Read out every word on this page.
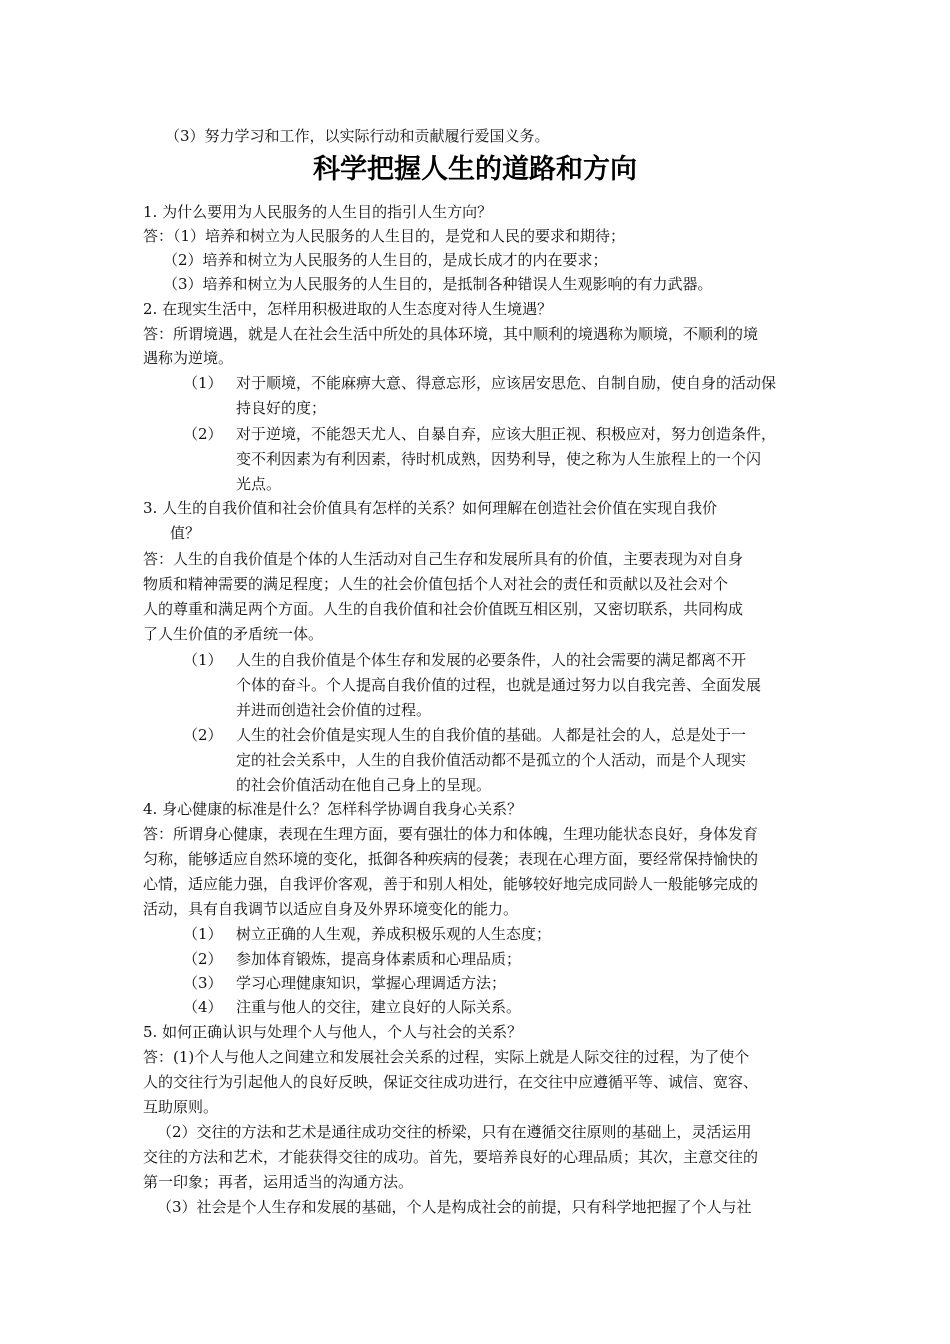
（3）努力学习和工作，以实际行动和贡献履行爱国义务。
科学把握人生的道路和方向
1. 为什么要用为人民服务的人生目的指引人生方向？
答：（1）培养和树立为人民服务的人生目的，是党和人民的要求和期待；
（2）培养和树立为人民服务的人生目的，是成长成才的内在要求；
（3）培养和树立为人民服务的人生目的，是抵制各种错误人生观影响的有力武器。
2. 在现实生活中，怎样用积极进取的人生态度对待人生境遇？
答：所谓境遇，就是人在社会生活中所处的具体环境，其中顺利的境遇称为顺境，不顺利的境
遇称为逆境。
（1） 对于顺境，不能麻痹大意、得意忘形，应该居安思危、自制自励，使自身的活动保
持良好的度；
（2） 对于逆境，不能怨天尤人、自暴自弃，应该大胆正视、积极应对，努力创造条件，
变不利因素为有利因素，待时机成熟，因势利导，使之称为人生旅程上的一个闪
光点。
3. 人生的自我价值和社会价值具有怎样的关系？如何理解在创造社会价值在实现自我价
值？
答：人生的自我价值是个体的人生活动对自己生存和发展所具有的价值，主要表现为对自身
物质和精神需要的满足程度；人生的社会价值包括个人对社会的责任和贡献以及社会对个
人的尊重和满足两个方面。人生的自我价值和社会价值既互相区别，又密切联系，共同构成
了人生价值的矛盾统一体。
（1） 人生的自我价值是个体生存和发展的必要条件，人的社会需要的满足都离不开
个体的奋斗。个人提高自我价值的过程，也就是通过努力以自我完善、全面发展
并进而创造社会价值的过程。
（2） 人生的社会价值是实现人生的自我价值的基础。人都是社会的人，总是处于一
定的社会关系中，人生的自我价值活动都不是孤立的个人活动，而是个人现实
的社会价值活动在他自己身上的呈现。
4. 身心健康的标准是什么？怎样科学协调自我身心关系？
答：所谓身心健康，表现在生理方面，要有强壮的体力和体魄，生理功能状态良好，身体发育
匀称，能够适应自然环境的变化，抵御各种疾病的侵袭；表现在心理方面，要经常保持愉快的
心情，适应能力强，自我评价客观，善于和别人相处，能够较好地完成同龄人一般能够完成的
活动，具有自我调节以适应自身及外界环境变化的能力。
（1） 树立正确的人生观，养成积极乐观的人生态度；
（2） 参加体育锻炼，提高身体素质和心理品质；
（3） 学习心理健康知识，掌握心理调适方法；
（4） 注重与他人的交往，建立良好的人际关系。
5. 如何正确认识与处理个人与他人，个人与社会的关系？
答：(1)个人与他人之间建立和发展社会关系的过程，实际上就是人际交往的过程，为了使个
人的交往行为引起他人的良好反映，保证交往成功进行，在交往中应遵循平等、诚信、宽容、
互助原则。
（2）交往的方法和艺术是通往成功交往的桥梁，只有在遵循交往原则的基础上，灵活运用
交往的方法和艺术，才能获得交往的成功。首先，要培养良好的心理品质；其次，主意交往的
第一印象；再者，运用适当的沟通方法。
（3）社会是个人生存和发展的基础，个人是构成社会的前提，只有科学地把握了个人与社
